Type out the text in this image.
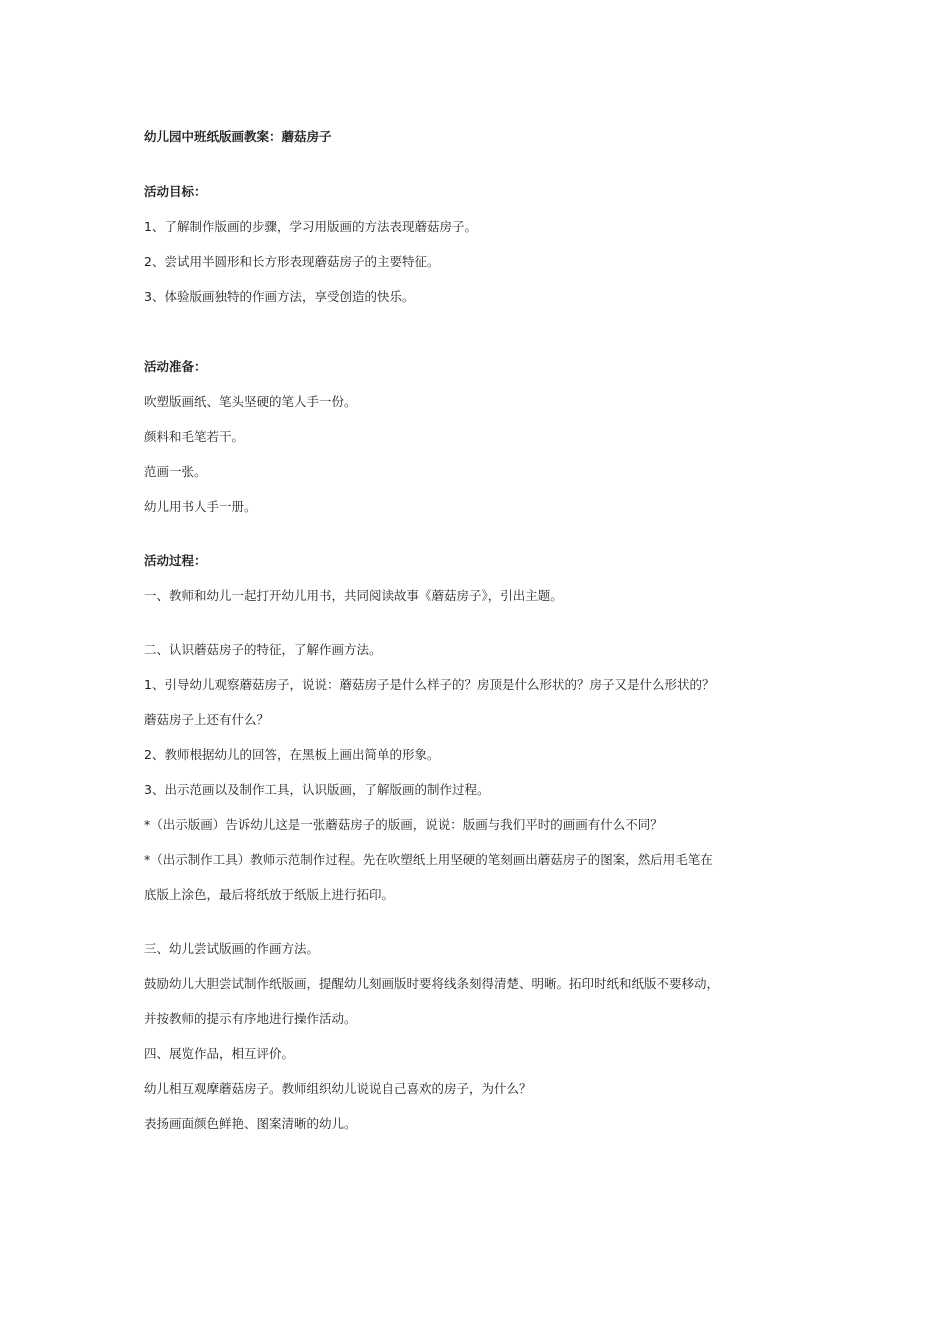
幼儿园中班纸版画教案：蘑菇房子

活动目标：

1、了解制作版画的步骤，学习用版画的方法表现蘑菇房子。

2、尝试用半圆形和长方形表现蘑菇房子的主要特征。

3、体验版画独特的作画方法，享受创造的快乐。

活动准备：

吹塑版画纸、笔头坚硬的笔人手一份。

颜料和毛笔若干。

范画一张。

幼儿用书人手一册。

活动过程：

一、教师和幼儿一起打开幼儿用书，共同阅读故事《蘑菇房子》，引出主题。

二、认识蘑菇房子的特征，了解作画方法。

1、引导幼儿观察蘑菇房子，说说：蘑菇房子是什么样子的？房顶是什么形状的？房子又是什么形状的？

蘑菇房子上还有什么？

2、教师根据幼儿的回答，在黑板上画出简单的形象。

3、出示范画以及制作工具，认识版画，了解版画的制作过程。

*（出示版画）告诉幼儿这是一张蘑菇房子的版画，说说：版画与我们平时的画画有什么不同？

*（出示制作工具）教师示范制作过程。先在吹塑纸上用坚硬的笔刻画出蘑菇房子的图案，然后用毛笔在

底版上涂色，最后将纸放于纸版上进行拓印。

三、幼儿尝试版画的作画方法。

鼓励幼儿大胆尝试制作纸版画，提醒幼儿刻画版时要将线条刻得清楚、明晰。拓印时纸和纸版不要移动，

并按教师的提示有序地进行操作活动。

四、展览作品，相互评价。

幼儿相互观摩蘑菇房子。教师组织幼儿说说自己喜欢的房子，为什么？

表扬画面颜色鲜艳、图案清晰的幼儿。
